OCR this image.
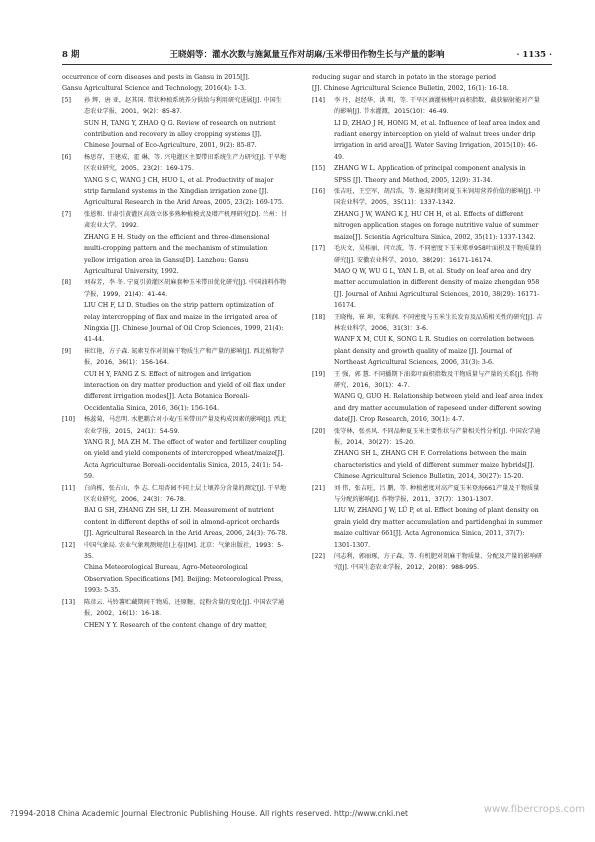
8 期	王晓娟等：灌水次数与施氮量互作对胡麻/玉米带田作物生长与产量的影响	· 1135 ·

occurrence of corn diseases and pests in Gansu in 2015[J].

Gansu Agricultural Science and Technology, 2016(4): 1-3.

[5] 孙 辉，唐 亚，赵其国. 带状种植系统养分供给与利用研究进展[J]. 中国生态农业学报，2001，9(2)：85-87.

SUN H, TANG Y, ZHAO Q G. Review of research on nutrient contribution and recovery in alley cropping systems [J]. Chinese Journal of Eco-Agriculture, 2001, 9(2): 85-87.

[6] 杨思存，王建成，霍 琳，等. 兴电灌区主要带田系统生产力研究[J]. 干旱地区农业研究，2005，23(2)：169-175.

YANG S C, WANG J CH, HUO L, et al. Productivity of major strip farmland systems in the Xingdian irrigation zone [J]. Agricultural Research in the Arid Areas, 2005, 23(2): 169-175.

[7] 张恩和. 甘肃引黄灌区高效立体多熟种植模式及增产机理研究[D]. 兰州：甘肃农业大学，1992.

ZHANG E H. Study on the efficient and three-dimensional multi-cropping pattern and the mechanism of stimulation yellow irrigation area in Gansu[D]. Lanzhou: Gansu Agricultural University, 1992.

[8] 刘春芳，李 冬. 宁夏引黄灌区胡麻套种玉米带田优化研究[J]. 中国油料作物学报，1999，21(4)：41-44.

LIU CH F, LI D. Studies on the strip pattern optimization of relay intercropping of flax and maize in the irrigated area of Ningxia [J]. Chinese Journal of Oil Crop Sciences, 1999, 21(4): 41-44.

[9] 崔红艳，方子森. 氮素互作对胡麻干物质生产和产量的影响[J]. 西北植物学报，2016，36(1)：156-164.

CUI H Y, FANG Z S. Effect of nitrogen and irrigation interaction on dry matter production and yield of oil flax under different irrigation modes[J]. Acta Botanica Boreali-Occidentalia Sinica, 2016, 36(1): 156-164.

[10] 杨蕊菊，马忠明. 水肥耦合对小麦/玉米带田产量及构成因素的影响[J]. 西北农业学报，2015，24(1)：54-59.

YANG R J, MA ZH M. The effect of water and fertilizer coupling on yield and yield components of intercropped wheat/maize[J]. Acta Agriculturae Boreali-occidentalis Sinica, 2015, 24(1): 54-59.

[11] 白尚栋，张占山，李 志. 仁用杏园不同土层土壤养分含量的测定[J]. 干旱地区农业研究，2006，24(3)：76-78.

BAI G SH, ZHANG ZH SH, LI ZH. Measurement of nutrient content in different depths of soil in almond-apricot orchards [J]. Agricultural Research in the Arid Areas, 2006, 24(3): 76-78.

[12] 中国气象局. 农业气象观测规范(上卷)[M]. 北京：气象出版社，1993：5-35.

China Meteorological Bureau, Agro-Meteorological Observation Specifications [M]. Beijing: Meteorological Press, 1993: 5-35.

[13] 陈彦云. 马铃薯贮藏期间干物质、还原糖、淀粉含量的变化[J]. 中国农学通报，2002，16(1)：16-18.

CHEN Y Y. Research of the content change of dry matter,

reducing sugar and starch in potato in the storage period

[J]. Chinese Agricultural Science Bulletin, 2002, 16(1): 16-18.

[14] 李 丹，赵经华，洪 明，等. 干旱区滴灌核桃叶面积指数、截获辐射能对产量的影响[J]. 节水灌溉，2015(10)：46-49.

LI D, ZHAO J H, HONG M, et al. Influence of leaf area index and radiant energy interception on yield of walnut trees under drip irrigation in arid area[J]. Water Saving Irrigation, 2015(10): 46-49.

[15] ZHANG W L. Application of principal component analysis in SPSS [J]. Theory and Method, 2005, 12(9): 31-34.

[16] 张吉旺，王空军，胡昌浩，等. 施氮时期对夏玉米饲用营养价值的影响[J]. 中国农业科学，2005，35(11)：1337-1342.

ZHANG J W, WANG K J, HU CH H, et al. Effects of different nitrogen application stages on forage nutritive value of summer maize[J]. Scientia Agricultura Sinica, 2002, 35(11): 1337-1342.

[17] 毛庆文，吴桂丽，闫立波，等. 不同密度下玉米郑单958叶面积及干物质量的研究[J]. 安徽农业科学，2010，38(29)：16171-16174.

MAO Q W, WU G L, YAN L B, et al. Study on leaf area and dry matter accumulation in different density of maize zhengdan 958 [J]. Journal of Anhui Agricultural Sciences, 2010, 38(29): 16171-16174.

[18] 王晓梅，崔 坤，宋利润. 不同密度与玉米生长发育及品质相关性的研究[J]. 吉林农业科学，2006，31(3)：3-6.

WANF X M, CUI K, SONG L R. Studies on correlation between plant density and growth quality of maize [J]. Journal of Northeast Agricultural Sciences, 2006, 31(3): 3-6.

[19] 王 强，郭 慧. 不同播期下油菜叶面积指数及干物质量与产量的关系[J]. 作物研究，2016，30(1)：4-7.

WANG Q, GUO H. Relationship between yield and leaf area index and dry matter accumulation of rapeseed under different sowing date[J]. Crop Research, 2016, 30(1): 4-7.

[20] 张守林，张丞风. 不同品种夏玉米主要性状与产量相关性分析[J]. 中国农学通报，2014，30(27)：15-20.

ZHANG SH L, ZHANG CH F. Correlations between the main characteristics and yield of different summer maize hybrids[J]. Chinese Agricultural Science Bulletin, 2014, 30(27): 15-20.

[21] 刘 伟，张吉旺，吕 鹏，等. 种植密度对高产夏玉米登海661产量及干物质量与分配的影响[J]. 作物学报，2011，37(7)：1301-1307.

LIU W, ZHANG J W, LÜ P, et al. Effect boning of plant density on grain yield dry matter accumulation and partidenghai in summer maize cultivar 661[J]. Acta Agronomica Sinica, 2011, 37(7): 1301-1307.

[22] 闫志利，郭丽琢，方子森，等. 有机肥对胡麻干物质量、分配及产量的影响研究[J]. 中国生态农业学报，2012，20(8)：988-995.

?1994-2018 China Academic Journal Electronic Publishing House. All rights reserved. http://www.cnki.net	www.fibercrops.com
